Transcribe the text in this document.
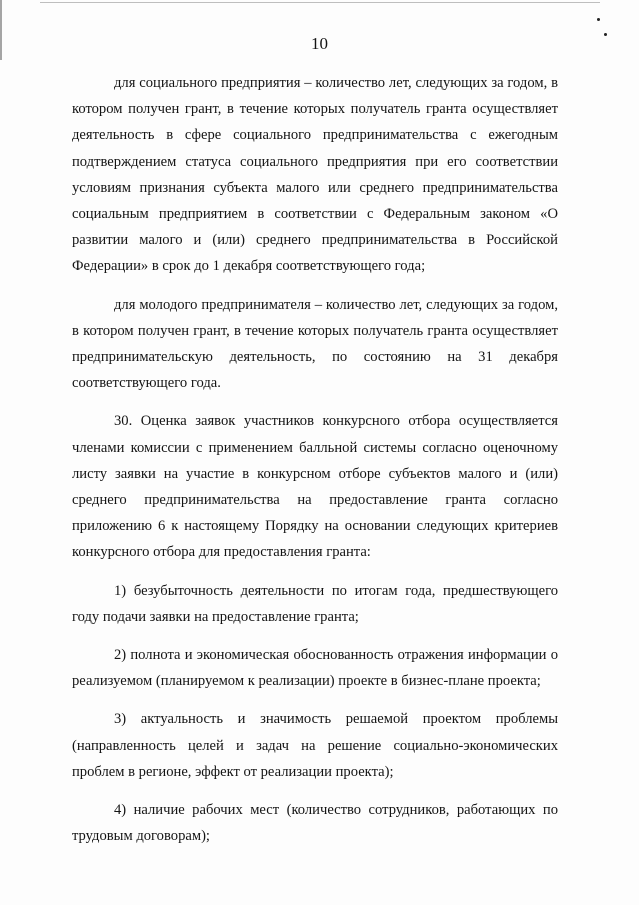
10

для социального предприятия – количество лет, следующих за годом, в котором получен грант, в течение которых получатель гранта осуществляет деятельность в сфере социального предпринимательства с ежегодным подтверждением статуса социального предприятия при его соответствии условиям признания субъекта малого или среднего предпринимательства социальным предприятием в соответствии с Федеральным законом «О развитии малого и (или) среднего предпринимательства в Российской Федерации» в срок до 1 декабря соответствующего года;

для молодого предпринимателя – количество лет, следующих за годом, в котором получен грант, в течение которых получатель гранта осуществляет предпринимательскую деятельность, по состоянию на 31 декабря соответствующего года.

30. Оценка заявок участников конкурсного отбора осуществляется членами комиссии с применением балльной системы согласно оценочному листу заявки на участие в конкурсном отборе субъектов малого и (или) среднего предпринимательства на предоставление гранта согласно приложению 6 к настоящему Порядку на основании следующих критериев конкурсного отбора для предоставления гранта:

1) безубыточность деятельности по итогам года, предшествующего году подачи заявки на предоставление гранта;

2) полнота и экономическая обоснованность отражения информации о реализуемом (планируемом к реализации) проекте в бизнес-плане проекта;

3) актуальность и значимость решаемой проектом проблемы (направленность целей и задач на решение социально-экономических проблем в регионе, эффект от реализации проекта);

4) наличие рабочих мест (количество сотрудников, работающих по трудовым договорам);
